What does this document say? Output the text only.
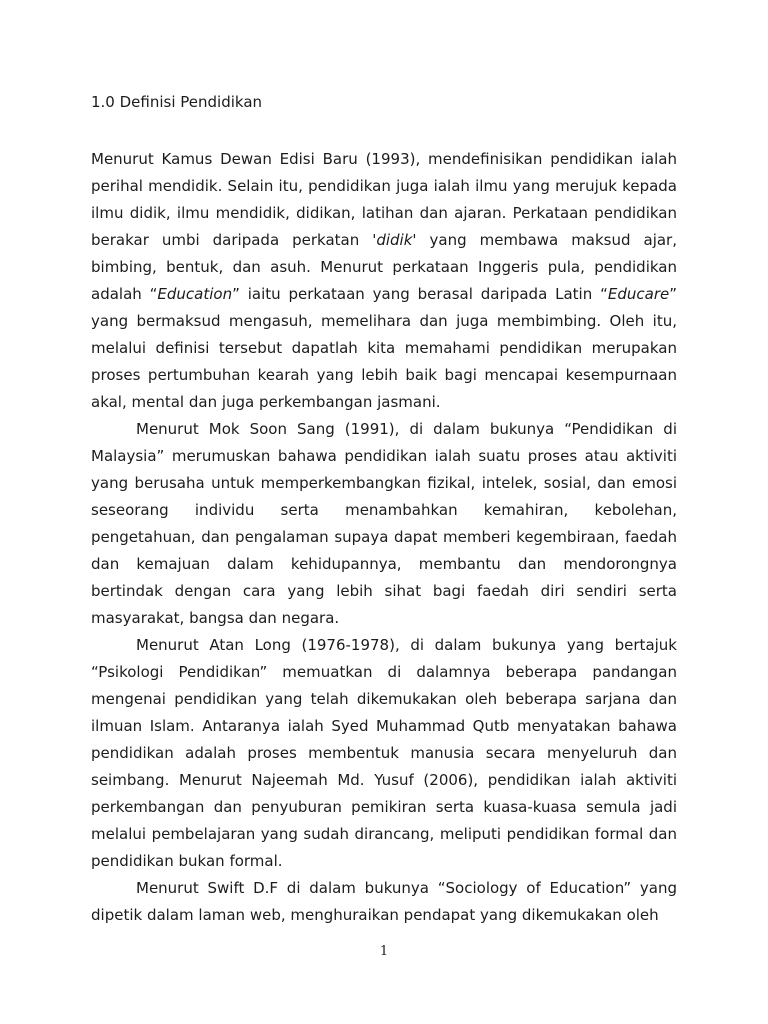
1.0 Definisi Pendidikan

Menurut Kamus Dewan Edisi Baru (1993), mendefinisikan pendidikan ialah perihal mendidik. Selain itu, pendidikan juga ialah ilmu yang merujuk kepada ilmu didik, ilmu mendidik, didikan, latihan dan ajaran. Perkataan pendidikan berakar umbi daripada perkatan 'didik' yang membawa maksud ajar, bimbing, bentuk, dan asuh. Menurut perkataan Inggeris pula, pendidikan adalah “Education” iaitu perkataan yang berasal daripada Latin “Educare” yang bermaksud mengasuh, memelihara dan juga membimbing. Oleh itu, melalui definisi tersebut dapatlah kita memahami pendidikan merupakan proses pertumbuhan kearah yang lebih baik bagi mencapai kesempurnaan akal, mental dan juga perkembangan jasmani.

Menurut Mok Soon Sang (1991), di dalam bukunya “Pendidikan di Malaysia” merumuskan bahawa pendidikan ialah suatu proses atau aktiviti yang berusaha untuk memperkembangkan fizikal, intelek, sosial, dan emosi seseorang individu serta menambahkan kemahiran, kebolehan, pengetahuan, dan pengalaman supaya dapat memberi kegembiraan, faedah dan kemajuan dalam kehidupannya, membantu dan mendorongnya bertindak dengan cara yang lebih sihat bagi faedah diri sendiri serta masyarakat, bangsa dan negara.

Menurut Atan Long (1976-1978), di dalam bukunya yang bertajuk “Psikologi Pendidikan” memuatkan di dalamnya beberapa pandangan mengenai pendidikan yang telah dikemukakan oleh beberapa sarjana dan ilmuan Islam. Antaranya ialah Syed Muhammad Qutb menyatakan bahawa pendidikan adalah proses membentuk manusia secara menyeluruh dan seimbang. Menurut Najeemah Md. Yusuf (2006), pendidikan ialah aktiviti perkembangan dan penyuburan pemikiran serta kuasa-kuasa semula jadi melalui pembelajaran yang sudah dirancang, meliputi pendidikan formal dan pendidikan bukan formal.

Menurut Swift D.F di dalam bukunya “Sociology of Education” yang dipetik dalam laman web, menghuraikan pendapat yang dikemukakan oleh

1
